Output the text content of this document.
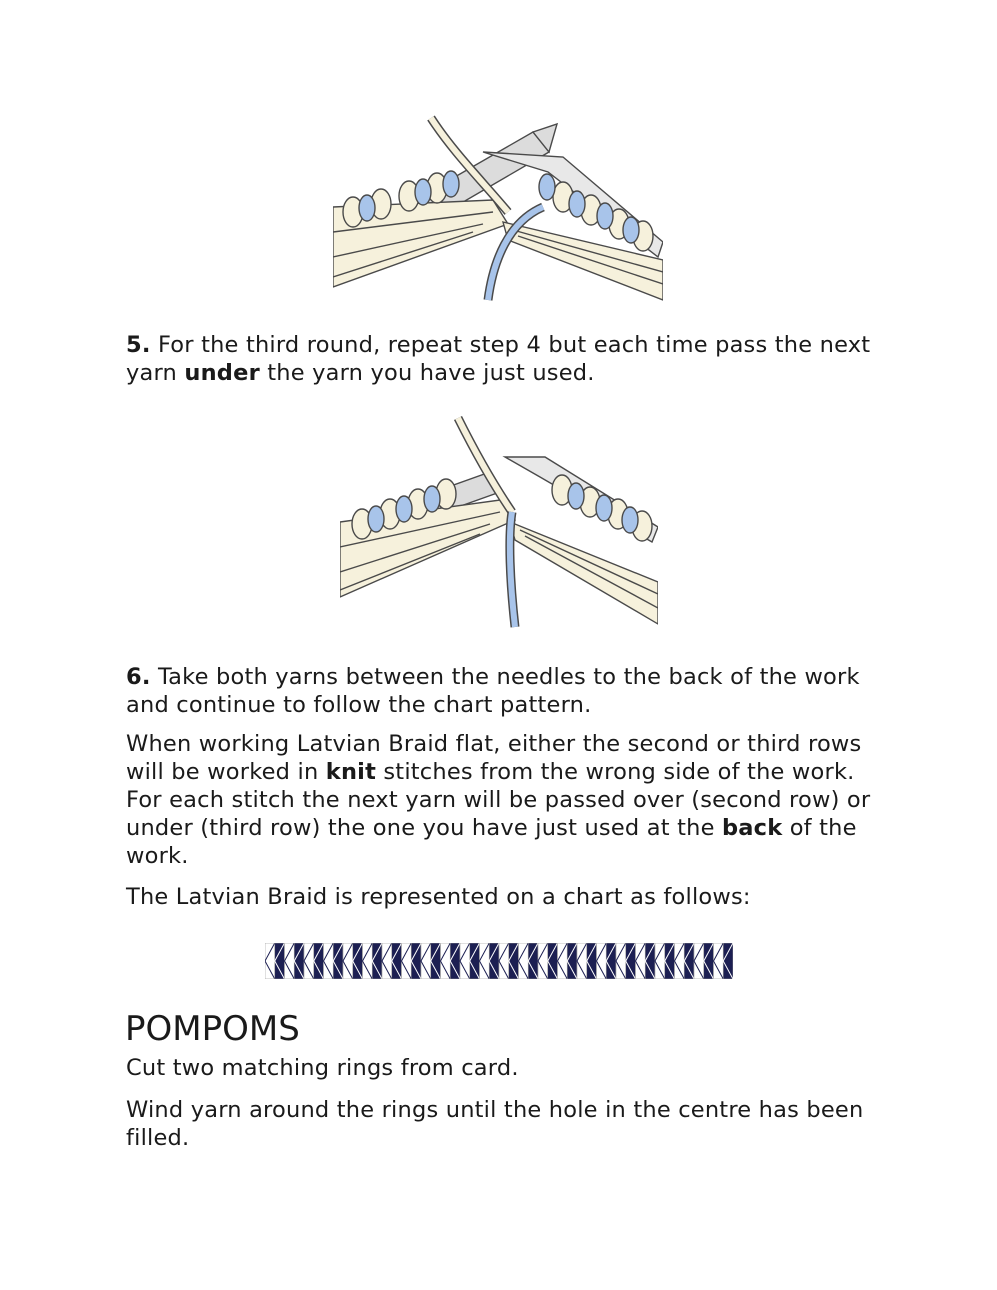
5. For the third round, repeat step 4 but each time pass the next yarn under the yarn you have just used.

6. Take both yarns between the needles to the back of the work and continue to follow the chart pattern.

When working Latvian Braid flat, either the second or third rows will be worked in knit stitches from the wrong side of the work. For each stitch the next yarn will be passed over (second row) or under (third row) the one you have just used at the back of the work.

The Latvian Braid is represented on a chart as follows:

POMPOMS

Cut two matching rings from card.

Wind yarn around the rings until the hole in the centre has been filled.
